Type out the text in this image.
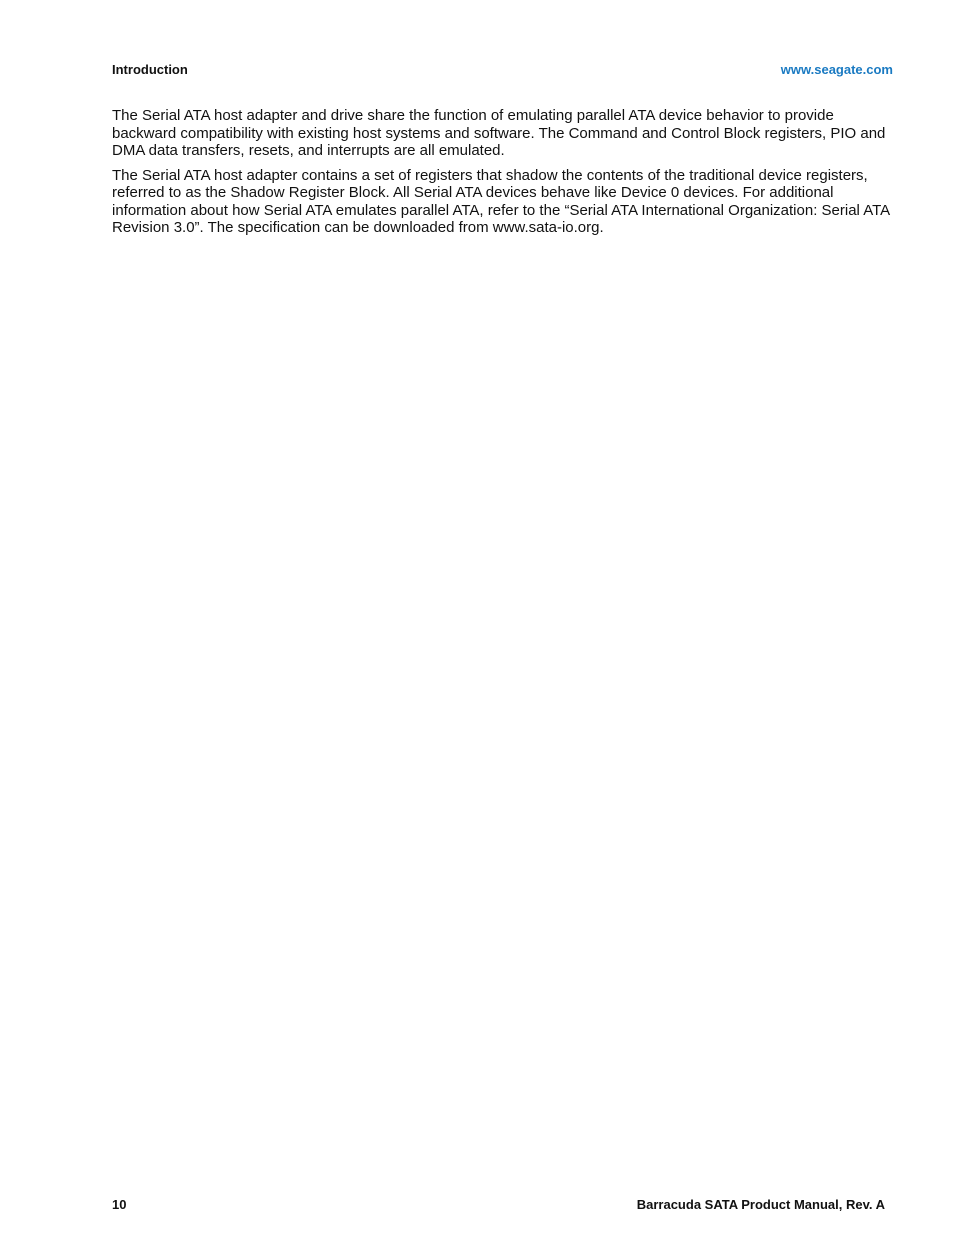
Introduction	www.seagate.com

The Serial ATA host adapter and drive share the function of emulating parallel ATA device behavior to provide backward compatibility with existing host systems and software. The Command and Control Block registers, PIO and DMA data transfers, resets, and interrupts are all emulated.

The Serial ATA host adapter contains a set of registers that shadow the contents of the traditional device registers, referred to as the Shadow Register Block. All Serial ATA devices behave like Device 0 devices. For additional information about how Serial ATA emulates parallel ATA, refer to the “Serial ATA International Organization: Serial ATA Revision 3.0”. The specification can be downloaded from www.sata-io.org.

10	Barracuda SATA Product Manual, Rev. A
